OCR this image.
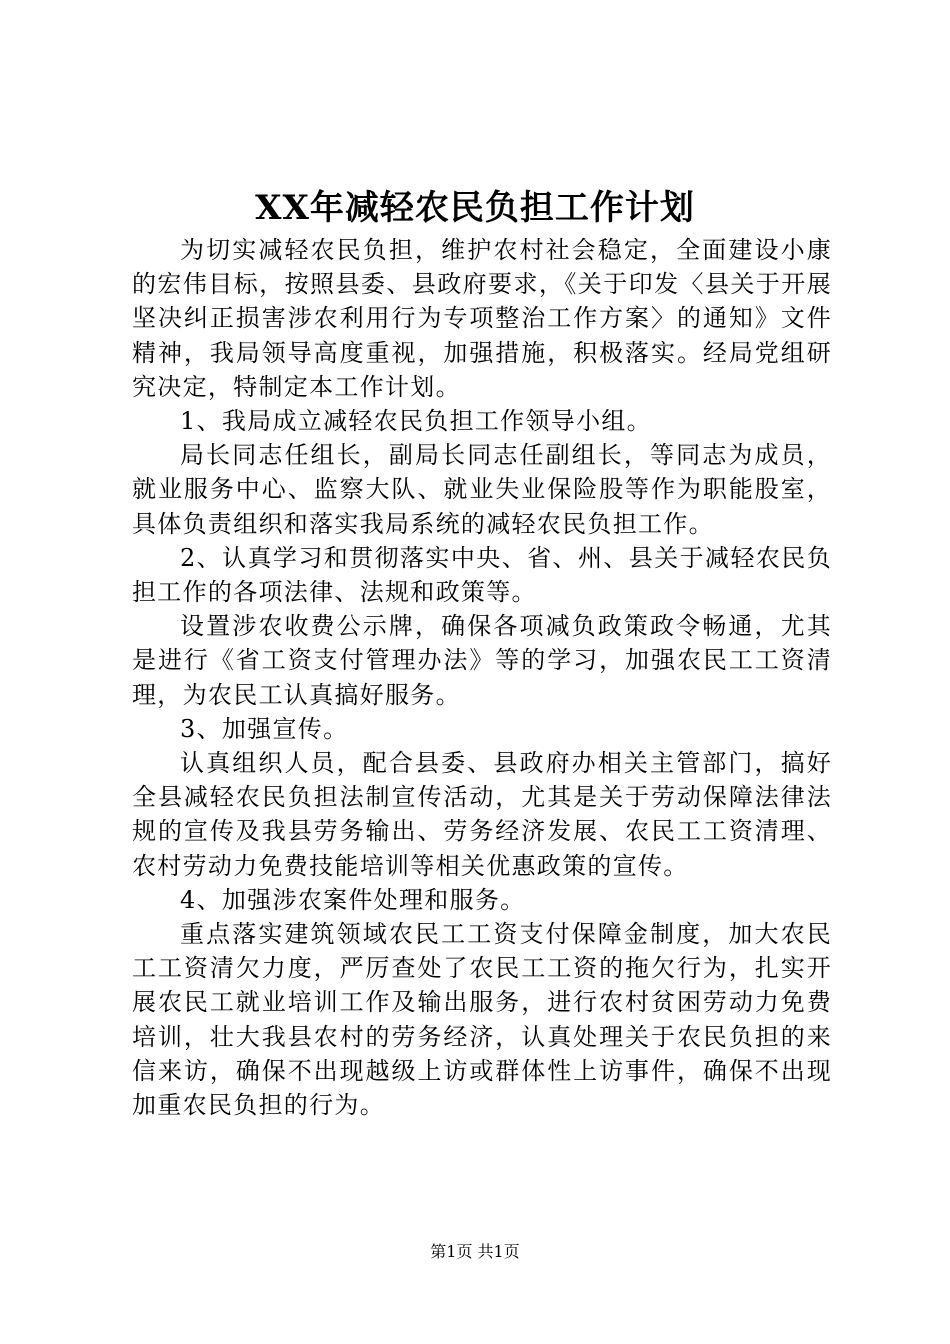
XX年减轻农民负担工作计划

为切实减轻农民负担，维护农村社会稳定，全面建设小康的宏伟目标，按照县委、县政府要求，《关于印发〈县关于开展坚决纠正损害涉农利用行为专项整治工作方案〉的通知》文件精神，我局领导高度重视，加强措施，积极落实。经局党组研究决定，特制定本工作计划。

1、我局成立减轻农民负担工作领导小组。

局长同志任组长，副局长同志任副组长，等同志为成员，就业服务中心、监察大队、就业失业保险股等作为职能股室，具体负责组织和落实我局系统的减轻农民负担工作。

2、认真学习和贯彻落实中央、省、州、县关于减轻农民负担工作的各项法律、法规和政策等。

设置涉农收费公示牌，确保各项减负政策政令畅通，尤其是进行《省工资支付管理办法》等的学习，加强农民工工资清理，为农民工认真搞好服务。

3、加强宣传。

认真组织人员，配合县委、县政府办相关主管部门，搞好全县减轻农民负担法制宣传活动，尤其是关于劳动保障法律法规的宣传及我县劳务输出、劳务经济发展、农民工工资清理、农村劳动力免费技能培训等相关优惠政策的宣传。

4、加强涉农案件处理和服务。

重点落实建筑领域农民工工资支付保障金制度，加大农民工工资清欠力度，严厉查处了农民工工资的拖欠行为，扎实开展农民工就业培训工作及输出服务，进行农村贫困劳动力免费培训，壮大我县农村的劳务经济，认真处理关于农民负担的来信来访，确保不出现越级上访或群体性上访事件，确保不出现加重农民负担的行为。

第1页 共1页
